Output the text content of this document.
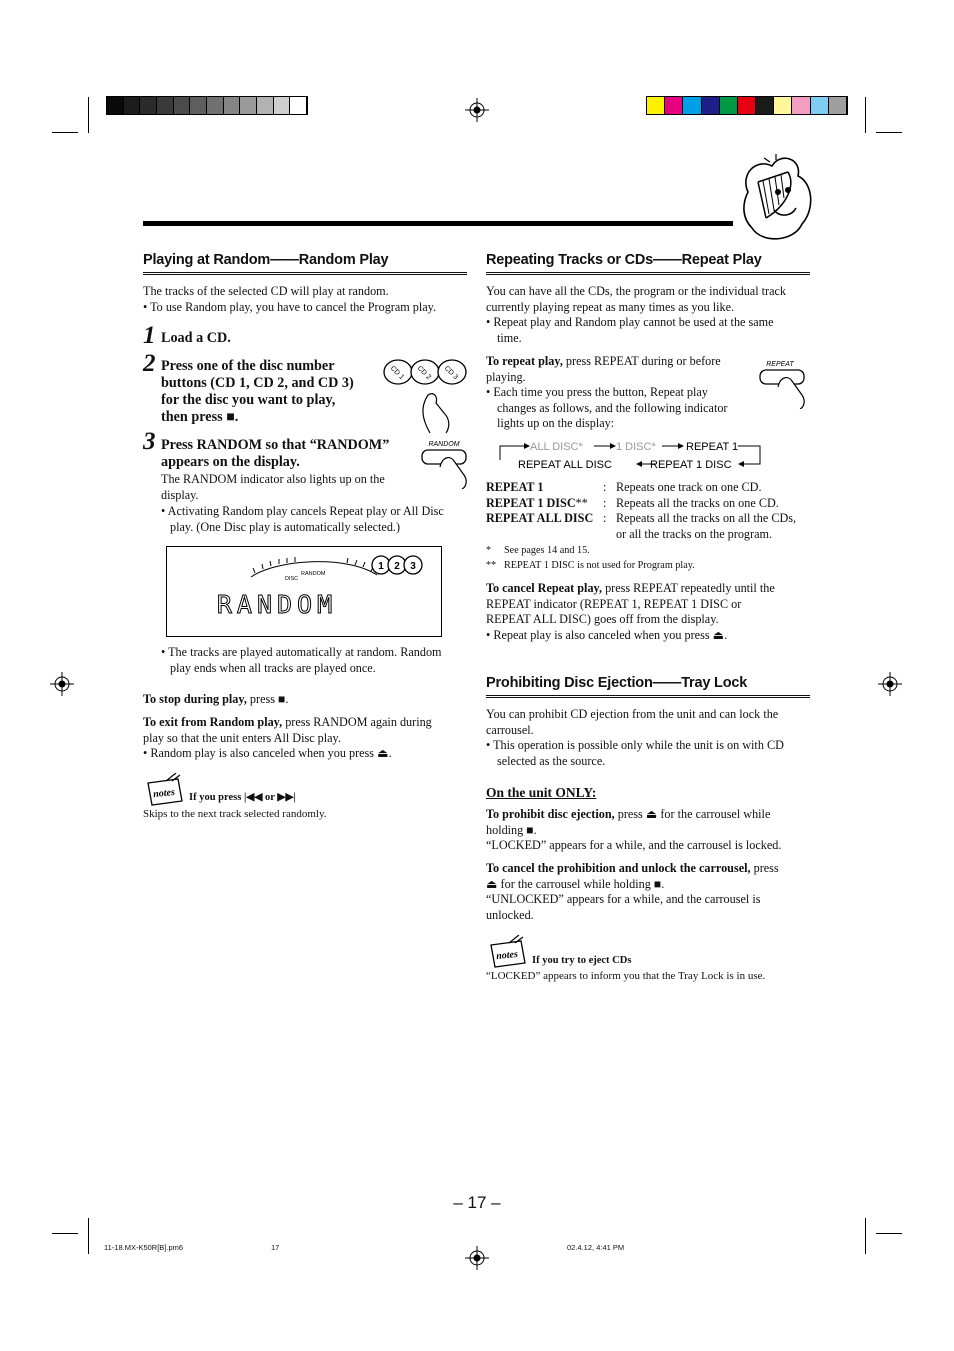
Playing at Random——Random Play
The tracks of the selected CD will play at random.
• To use Random play, you have to cancel the Program play.
1 Load a CD.
2 Press one of the disc number
buttons (CD 1, CD 2, and CD 3)
for the disc you want to play,
then press ■.
CD 1 CD 2 CD 3
3 Press RANDOM so that “RANDOM”
appears on the display.
RANDOM
The RANDOM indicator also lights up on the
display.
• Activating Random play cancels Repeat play or All Disc
play. (One Disc play is automatically selected.)
DISC
RANDOM
1 2 3
RANDOM
• The tracks are played automatically at random. Random
play ends when all tracks are played once.
To stop during play, press ■.
To exit from Random play, press RANDOM again during
play so that the unit enters All Disc play.
• Random play is also canceled when you press ⏏.
notes If you press |◀◀ or ▶▶|
Skips to the next track selected randomly.
Repeating Tracks or CDs——Repeat Play
You can have all the CDs, the program or the individual track
currently playing repeat as many times as you like.
• Repeat play and Random play cannot be used at the same
time.
To repeat play, press REPEAT during or before
playing.
• Each time you press the button, Repeat play
changes as follows, and the following indicator
lights up on the display:
REPEAT
ALL DISC*	1 DISC*	REPEAT 1
REPEAT ALL DISC	REPEAT 1 DISC
REPEAT 1	: Repeats one track on one CD.
REPEAT 1 DISC** : Repeats all the tracks on one CD.
REPEAT ALL DISC : Repeats all the tracks on all the CDs,
or all the tracks on the program.
* See pages 14 and 15.
** REPEAT 1 DISC is not used for Program play.
To cancel Repeat play, press REPEAT repeatedly until the
REPEAT indicator (REPEAT 1, REPEAT 1 DISC or
REPEAT ALL DISC) goes off from the display.
• Repeat play is also canceled when you press ⏏.
Prohibiting Disc Ejection——Tray Lock
You can prohibit CD ejection from the unit and can lock the
carrousel.
• This operation is possible only while the unit is on with CD
selected as the source.
On the unit ONLY:
To prohibit disc ejection, press ⏏ for the carrousel while
holding ■.
“LOCKED” appears for a while, and the carrousel is locked.
To cancel the prohibition and unlock the carrousel, press
⏏ for the carrousel while holding ■.
“UNLOCKED” appears for a while, and the carrousel is
unlocked.
notes If you try to eject CDs
“LOCKED” appears to inform you that the Tray Lock is in use.
– 17 –
11-18.MX-K50R[B].pm6	17	02.4.12, 4:41 PM
